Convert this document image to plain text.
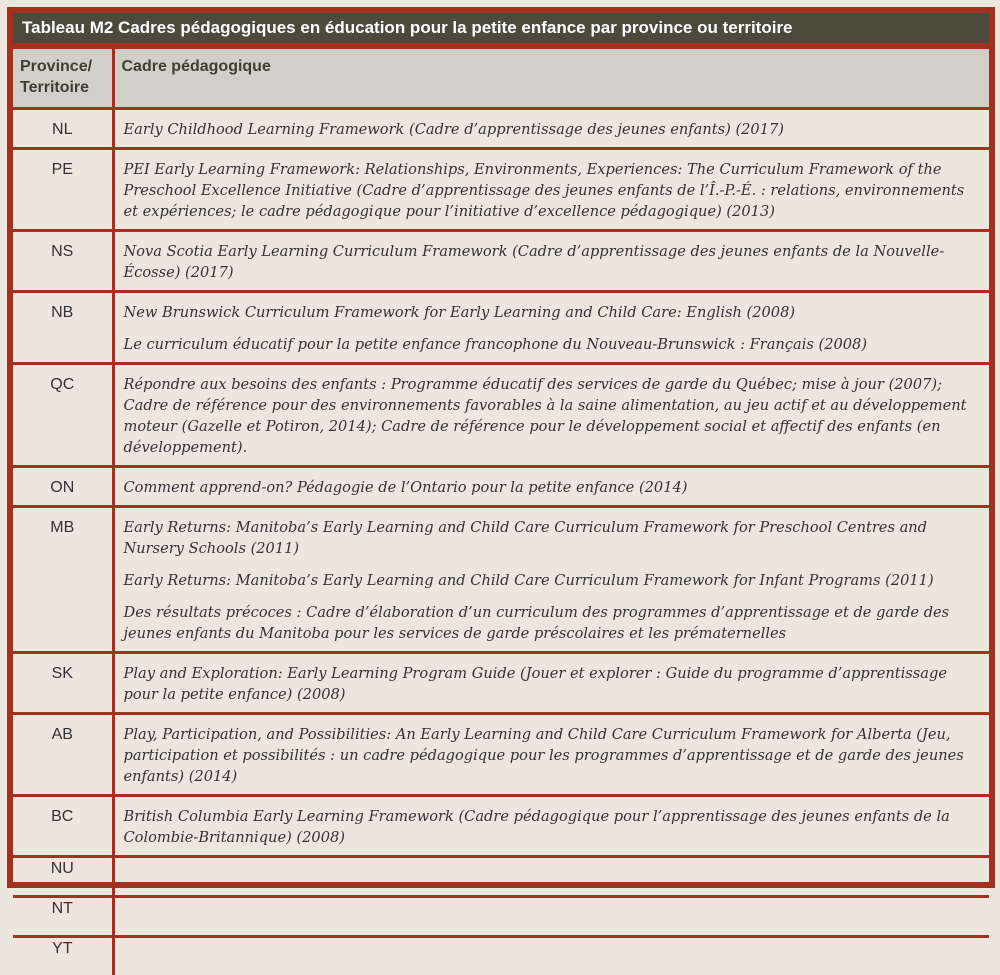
Tableau M2 Cadres pédagogiques en éducation pour la petite enfance par province ou territoire
Province/
Territoire	Cadre pédagogique

NL	Early Childhood Learning Framework (Cadre d’apprentissage des jeunes enfants) (2017)

PE	PEI Early Learning Framework: Relationships, Environments, Experiences: The Curriculum Framework of the Preschool Excellence Initiative (Cadre d’apprentissage des jeunes enfants de l’Î.-P.-É. : relations, environnements et expériences; le cadre pédagogique pour l’initiative d’excellence pédagogique) (2013)

NS	Nova Scotia Early Learning Curriculum Framework (Cadre d’apprentissage des jeunes enfants de la Nouvelle-Écosse) (2017)

NB	New Brunswick Curriculum Framework for Early Learning and Child Care: English (2008)

Le curriculum éducatif pour la petite enfance francophone du Nouveau-Brunswick : Français (2008)

QC	Répondre aux besoins des enfants : Programme éducatif des services de garde du Québec; mise à jour (2007); Cadre de référence pour des environnements favorables à la saine alimentation, au jeu actif et au développement moteur (Gazelle et Potiron, 2014); Cadre de référence pour le développement social et affectif des enfants (en développement).

ON	Comment apprend-on? Pédagogie de l’Ontario pour la petite enfance (2014)

MB	Early Returns: Manitoba’s Early Learning and Child Care Curriculum Framework for Preschool Centres and Nursery Schools (2011)

Early Returns: Manitoba’s Early Learning and Child Care Curriculum Framework for Infant Programs (2011)

Des résultats précoces : Cadre d’élaboration d’un curriculum des programmes d’apprentissage et de garde des jeunes enfants du Manitoba pour les services de garde préscolaires et les prématernelles

SK	Play and Exploration: Early Learning Program Guide (Jouer et explorer : Guide du programme d’apprentissage pour la petite enfance) (2008)

AB	Play, Participation, and Possibilities: An Early Learning and Child Care Curriculum Framework for Alberta (Jeu, participation et possibilités : un cadre pédagogique pour les programmes d’apprentissage et de garde des jeunes enfants) (2014)

BC	British Columbia Early Learning Framework (Cadre pédagogique pour l’apprentissage des jeunes enfants de la Colombie-Britannique) (2008)

NU	
NT	
YT	
